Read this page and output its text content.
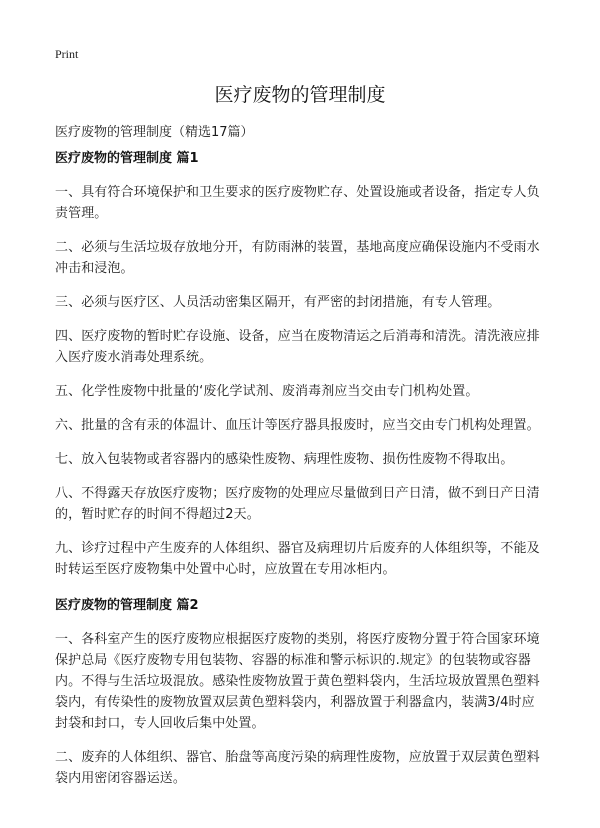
Print
医疗废物的管理制度
医疗废物的管理制度（精选17篇）
医疗废物的管理制度 篇1

一、具有符合环境保护和卫生要求的医疗废物贮存、处置设施或者设备，指定专人负责管理。

二、必须与生活垃圾存放地分开，有防雨淋的装置，基地高度应确保设施内不受雨水冲击和浸泡。

三、必须与医疗区、人员活动密集区隔开，有严密的封闭措施，有专人管理。

四、医疗废物的暂时贮存设施、设备，应当在废物清运之后消毒和清洗。清洗液应排入医疗废水消毒处理系统。

五、化学性废物中批量的‘废化学试剂、废消毒剂应当交由专门机构处置。

六、批量的含有汞的体温计、血压计等医疗器具报废时，应当交由专门机构处理置。

七、放入包装物或者容器内的感染性废物、病理性废物、损伤性废物不得取出。

八、不得露天存放医疗废物；医疗废物的处理应尽量做到日产日清，做不到日产日清的，暂时贮存的时间不得超过2天。

九、诊疗过程中产生废弃的人体组织、器官及病理切片后废弃的人体组织等，不能及时转运至医疗废物集中处置中心时，应放置在专用冰柜内。

医疗废物的管理制度 篇2

一、各科室产生的医疗废物应根据医疗废物的类别，将医疗废物分置于符合国家环境保护总局《医疗废物专用包装物、容器的标准和警示标识的.规定》的包装物或容器内。不得与生活垃圾混放。感染性废物放置于黄色塑料袋内，生活垃圾放置黑色塑料袋内，有传染性的废物放置双层黄色塑料袋内，利器放置于利器盒内，装满3/4时应封袋和封口，专人回收后集中处置。

二、废弃的人体组织、器官、胎盘等高度污染的病理性废物，应放置于双层黄色塑料袋内用密闭容器运送。
